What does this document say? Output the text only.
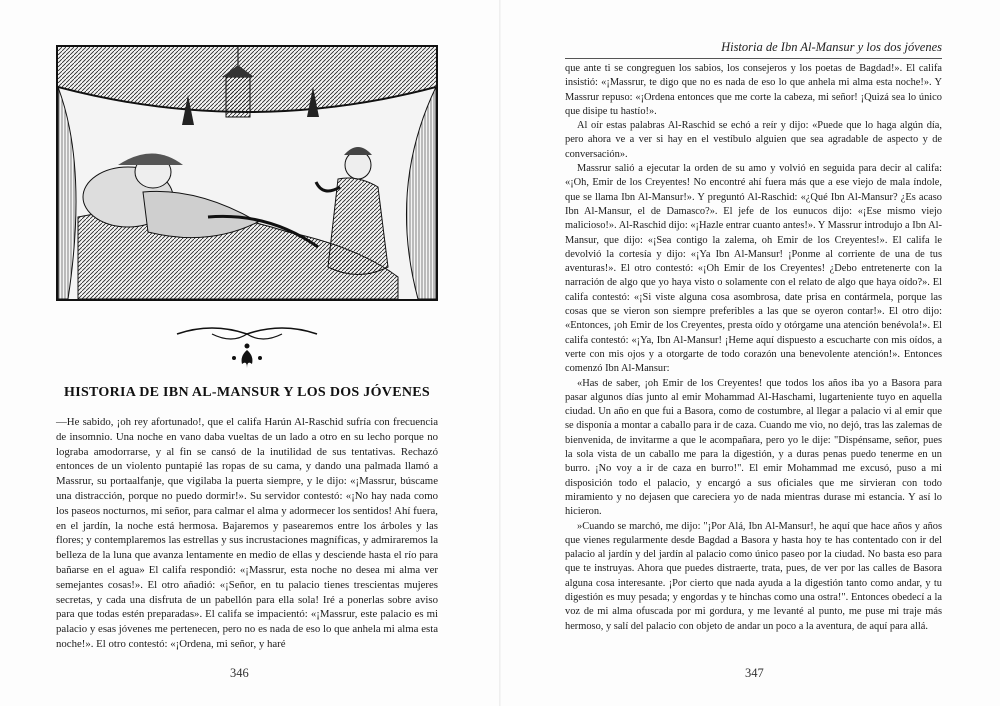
HISTORIA DE IBN AL-MANSUR Y LOS DOS JÓVENES

—He sabido, ¡oh rey afortunado!, que el califa Harún Al-Raschid sufría con frecuencia de insomnio. Una noche en vano daba vueltas de un lado a otro en su lecho porque no lograba amodorrarse, y al fin se cansó de la inutilidad de sus tentativas. Rechazó entonces de un violento puntapié las ropas de su cama, y dando una palmada llamó a Massrur, su portaalfanje, que vigilaba la puerta siempre, y le dijo: «¡Massrur, búscame una distracción, porque no puedo dormir!». Su servidor contestó: «¡No hay nada como los paseos nocturnos, mi señor, para calmar el alma y adormecer los sentidos! Ahí fuera, en el jardín, la noche está hermosa. Bajaremos y pasearemos entre los árboles y las flores; y contemplaremos las estrellas y sus incrustaciones magníficas, y admiraremos la belleza de la luna que avanza lentamente en medio de ellas y desciende hasta el río para bañarse en el agua» El califa respondió: «¡Massrur, esta noche no desea mi alma ver semejantes cosas!». El otro añadió: «¡Señor, en tu palacio tienes trescientas mujeres secretas, y cada una disfruta de un pabellón para ella sola! Iré a ponerlas sobre aviso para que todas estén preparadas». El califa se impacientó: «¡Massrur, este palacio es mi palacio y esas jóvenes me pertenecen, pero no es nada de eso lo que anhela mi alma esta noche!». El otro contestó: «¡Ordena, mi señor, y haré

346
Historia de Ibn Al-Mansur y los dos jóvenes

que ante ti se congreguen los sabios, los consejeros y los poetas de Bagdad!». El califa insistió: «¡Massrur, te digo que no es nada de eso lo que anhela mi alma esta noche!». Y Massrur repuso: «¡Ordena entonces que me corte la cabeza, mi señor! ¡Quizá sea lo único que disipe tu hastío!».

Al oír estas palabras Al-Raschid se echó a reír y dijo: «Puede que lo haga algún día, pero ahora ve a ver si hay en el vestíbulo alguien que sea agradable de aspecto y de conversación».

Massrur salió a ejecutar la orden de su amo y volvió en seguida para decir al califa: «¡Oh, Emir de los Creyentes! No encontré ahí fuera más que a ese viejo de mala índole, que se llama Ibn Al-Mansur!». Y preguntó Al-Raschid: «¿Qué Ibn Al-Mansur? ¿Es acaso Ibn Al-Mansur, el de Damasco?». El jefe de los eunucos dijo: «¡Ese mismo viejo malicioso!». Al-Raschid dijo: «¡Hazle entrar cuanto antes!». Y Massrur introdujo a Ibn Al-Mansur, que dijo: «¡Sea contigo la zalema, oh Emir de los Creyentes!». El califa le devolvió la cortesía y dijo: «¡Ya Ibn Al-Mansur! ¡Ponme al corriente de una de tus aventuras!». El otro contestó: «¡Oh Emir de los Creyentes! ¿Debo entretenerte con la narración de algo que yo haya visto o solamente con el relato de algo que haya oído?». El califa contestó: «¡Si viste alguna cosa asombrosa, date prisa en contármela, porque las cosas que se vieron son siempre preferibles a las que se oyeron contar!». El otro dijo: «Entonces, ¡oh Emir de los Creyentes, presta oído y otórgame una atención benévola!». El califa contestó: «¡Ya, Ibn Al-Mansur! ¡Heme aquí dispuesto a escucharte con mis oídos, a verte con mis ojos y a otorgarte de todo corazón una benevolente atención!». Entonces comenzó Ibn Al-Mansur:

«Has de saber, ¡oh Emir de los Creyentes! que todos los años iba yo a Basora para pasar algunos días junto al emir Mohammad Al-Haschami, lugarteniente tuyo en aquella ciudad. Un año en que fui a Basora, como de costumbre, al llegar a palacio vi al emir que se disponía a montar a caballo para ir de caza. Cuando me vio, no dejó, tras las zalemas de bienvenida, de invitarme a que le acompañara, pero yo le dije: "Dispénsame, señor, pues la sola vista de un caballo me para la digestión, y a duras penas puedo tenerme en un burro. ¡No voy a ir de caza en burro!". El emir Mohammad me excusó, puso a mi disposición todo el palacio, y encargó a sus oficiales que me sirvieran con todo miramiento y no dejasen que careciera yo de nada mientras durase mi estancia. Y así lo hicieron.

»Cuando se marchó, me dijo: "¡Por Alá, Ibn Al-Mansur!, he aquí que hace años y años que vienes regularmente desde Bagdad a Basora y hasta hoy te has contentado con ir del palacio al jardín y del jardín al palacio como único paseo por la ciudad. No basta eso para que te instruyas. Ahora que puedes distraerte, trata, pues, de ver por las calles de Basora alguna cosa interesante. ¡Por cierto que nada ayuda a la digestión tanto como andar, y tu digestión es muy pesada; y engordas y te hinchas como una ostra!". Entonces obedecí a la voz de mi alma ofuscada por mi gordura, y me levanté al punto, me puse mi traje más hermoso, y salí del palacio con objeto de andar un poco a la aventura, de aquí para allá.

347
